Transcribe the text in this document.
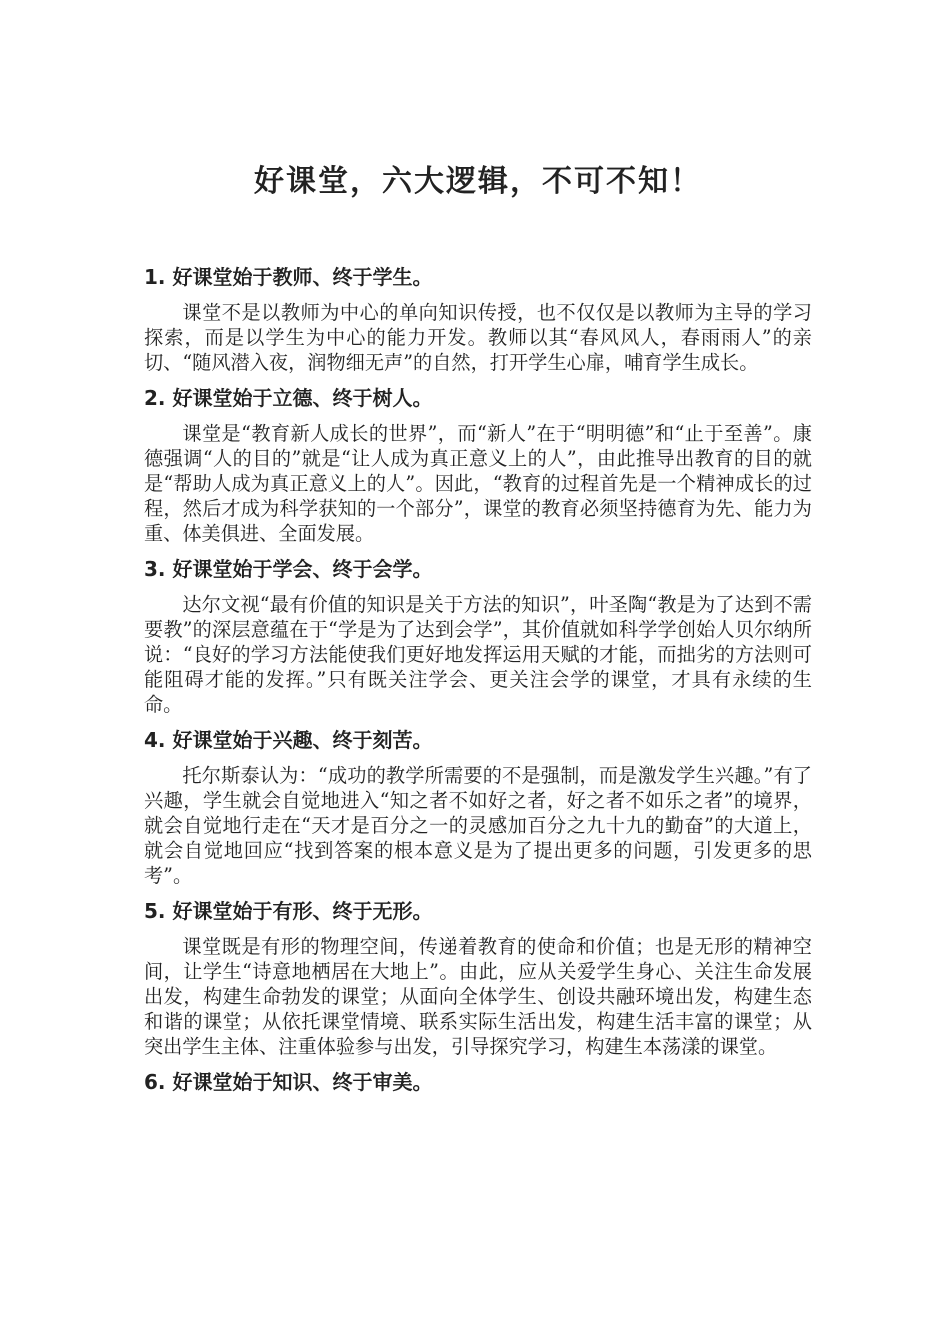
好课堂，六大逻辑，不可不知！
1. 好课堂始于教师、终于学生。

课堂不是以教师为中心的单向知识传授，也不仅仅是以教师为主导的学习探索，而是以学生为中心的能力开发。教师以其“春风风人，春雨雨人”的亲切、“随风潜入夜，润物细无声”的自然，打开学生心扉，哺育学生成长。

2. 好课堂始于立德、终于树人。

课堂是“教育新人成长的世界”，而“新人”在于“明明德”和“止于至善”。康德强调“人的目的”就是“让人成为真正意义上的人”，由此推导出教育的目的就是“帮助人成为真正意义上的人”。因此，“教育的过程首先是一个精神成长的过程，然后才成为科学获知的一个部分”，课堂的教育必须坚持德育为先、能力为重、体美俱进、全面发展。

3. 好课堂始于学会、终于会学。

达尔文视“最有价值的知识是关于方法的知识”，叶圣陶“教是为了达到不需要教”的深层意蕴在于“学是为了达到会学”，其价值就如科学学创始人贝尔纳所说：“良好的学习方法能使我们更好地发挥运用天赋的才能，而拙劣的方法则可能阻碍才能的发挥。”只有既关注学会、更关注会学的课堂，才具有永续的生命。

4. 好课堂始于兴趣、终于刻苦。

托尔斯泰认为：“成功的教学所需要的不是强制，而是激发学生兴趣。”有了兴趣，学生就会自觉地进入“知之者不如好之者，好之者不如乐之者”的境界，就会自觉地行走在“天才是百分之一的灵感加百分之九十九的勤奋”的大道上，就会自觉地回应“找到答案的根本意义是为了提出更多的问题，引发更多的思考”。

5. 好课堂始于有形、终于无形。

课堂既是有形的物理空间，传递着教育的使命和价值；也是无形的精神空间，让学生“诗意地栖居在大地上”。由此，应从关爱学生身心、关注生命发展出发，构建生命勃发的课堂；从面向全体学生、创设共融环境出发，构建生态和谐的课堂；从依托课堂情境、联系实际生活出发，构建生活丰富的课堂；从突出学生主体、注重体验参与出发，引导探究学习，构建生本荡漾的课堂。

6. 好课堂始于知识、终于审美。
